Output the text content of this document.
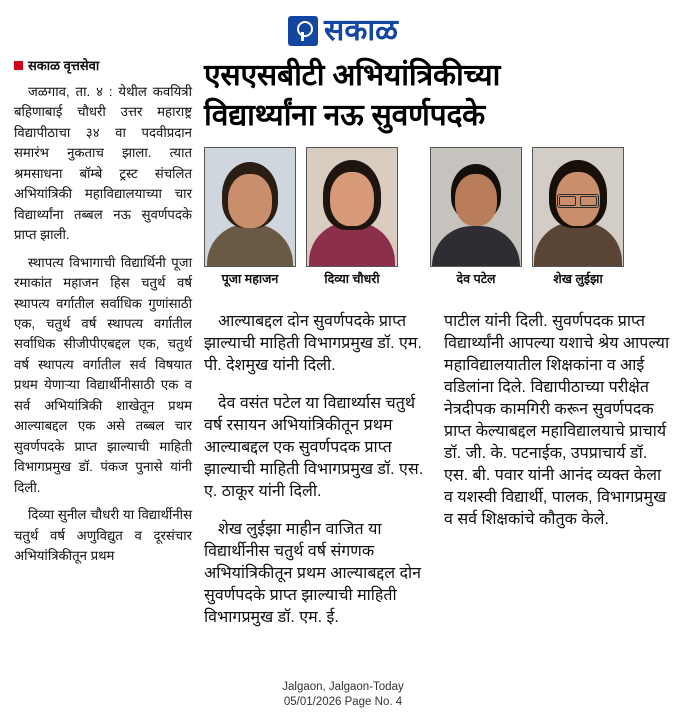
सकाळ
सकाळ वृत्तसेवा

जळगाव, ता. ४ : येथील कवयित्री बहिणाबाई चौधरी उत्तर महाराष्ट्र विद्यापीठाचा ३४ वा पदवीप्रदान समारंभ नुकताच झाला. त्यात श्रमसाधना बॉम्बे ट्रस्ट संचलित अभियांत्रिकी महाविद्यालयाच्या चार विद्यार्थ्यांना तब्बल नऊ सुवर्णपदके प्राप्त झाली.

स्थापत्य विभागाची विद्यार्थिनी पूजा रमाकांत महाजन हिस चतुर्थ वर्ष स्थापत्य वर्गातील सर्वाधिक गुणांसाठी एक, चतुर्थ वर्ष स्थापत्य वर्गातील सर्वाधिक सीजीपीएबद्दल एक, चतुर्थ वर्ष स्थापत्य वर्गातील सर्व विषयात प्रथम येणाऱ्या विद्यार्थीनीसाठी एक व सर्व अभियांत्रिकी शाखेतून प्रथम आल्याबद्दल एक असे तब्बल चार सुवर्णपदके प्राप्त झाल्याची माहिती विभागप्रमुख डॉ. पंकज पुनासे यांनी दिली.

दिव्या सुनील चौधरी या विद्यार्थीनीस चतुर्थ वर्ष अणुविद्युत व दूरसंचार अभियांत्रिकीतून प्रथम

एसएसबीटी अभियांत्रिकीच्या
विद्यार्थ्यांना नऊ सुवर्णपदके
पूजा महाजन	दिव्या चौधरी	देव पटेल	शेख लुईझा

आल्याबद्दल दोन सुवर्णपदके प्राप्त झाल्याची माहिती विभागप्रमुख डॉ. एम. पी. देशमुख यांनी दिली.

देव वसंत पटेल या विद्यार्थ्यास चतुर्थ वर्ष रसायन अभियांत्रिकीतून प्रथम आल्याबद्दल एक सुवर्णपदक प्राप्त झाल्याची माहिती विभागप्रमुख डॉ. एस. ए. ठाकूर यांनी दिली.

शेख लुईझा माहीन वाजित या विद्यार्थीनीस चतुर्थ वर्ष संगणक अभियांत्रिकीतून प्रथम आल्याबद्दल दोन सुवर्णपदके प्राप्त झाल्याची माहिती विभागप्रमुख डॉ. एम. ई.

पाटील यांनी दिली. सुवर्णपदक प्राप्त विद्यार्थ्यांनी आपल्या यशाचे श्रेय आपल्या महाविद्यालयातील शिक्षकांना व आई वडिलांना दिले. विद्यापीठाच्या परीक्षेत नेत्रदीपक कामगिरी करून सुवर्णपदक प्राप्त केल्याबद्दल महाविद्यालयाचे प्राचार्य डॉ. जी. के. पटनाईक, उपप्राचार्य डॉ. एस. बी. पवार यांनी आनंद व्यक्त केला व यशस्वी विद्यार्थी, पालक, विभागप्रमुख व सर्व शिक्षकांचे कौतुक केले.

Jalgaon, Jalgaon-Today
05/01/2026 Page No. 4
